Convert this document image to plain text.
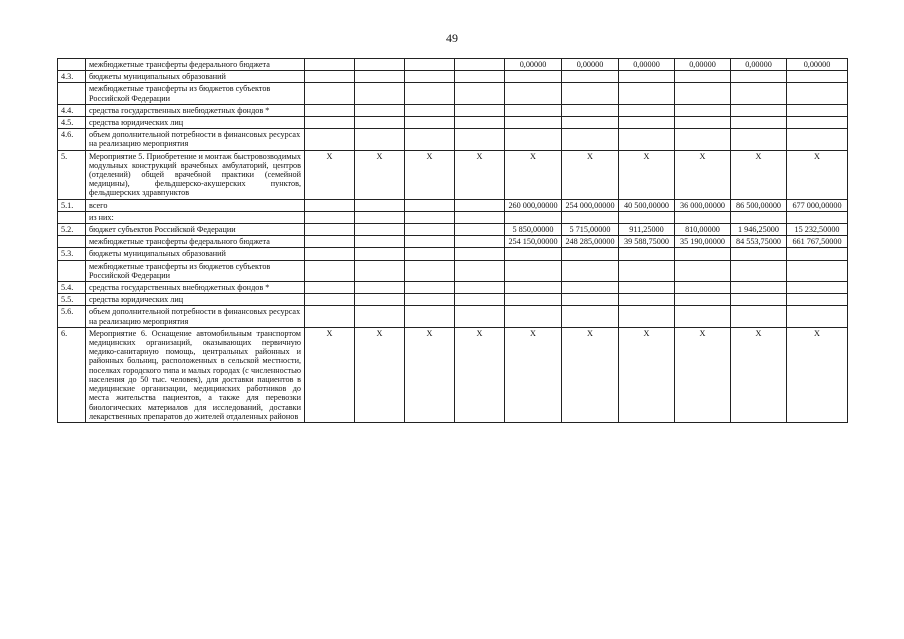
49
	межбюджетные трансферты федерального бюджета					0,00000	0,00000	0,00000	0,00000	0,00000	0,00000
4.3.	бюджеты муниципальных образований										
	межбюджетные трансферты из бюджетов субъектов Российской Федерации										
4.4.	средства государственных внебюджетных фондов *										
4.5.	средства юридических лиц										
4.6.	объем дополнительной потребности в финансовых ресурсах на реализацию мероприятия										
5.	Мероприятие 5. Приобретение и монтаж быстровозводимых модульных конструкций врачебных амбулаторий, центров (отделений) общей врачебной практики (семейной медицины), фельдшерско-акушерских пунктов, фельдшерских здравпунктов	X	X	X	X	X	X	X	X	X	X
5.1.	всего					260 000,00000	254 000,00000	40 500,00000	36 000,00000	86 500,00000	677 000,00000
	из них:										
5.2.	бюджет субъектов Российской Федерации					5 850,00000	5 715,00000	911,25000	810,00000	1 946,25000	15 232,50000
	межбюджетные трансферты федерального бюджета					254 150,00000	248 285,00000	39 588,75000	35 190,00000	84 553,75000	661 767,50000
5.3.	бюджеты муниципальных образований										
	межбюджетные трансферты из бюджетов субъектов Российской Федерации										
5.4.	средства государственных внебюджетных фондов *										
5.5.	средства юридических лиц										
5.6.	объем дополнительной потребности в финансовых ресурсах на реализацию мероприятия										
6.	Мероприятие 6. Оснащение автомобильным транспортом медицинских организаций, оказывающих первичную медико-санитарную помощь, центральных районных и районных больниц, расположенных в сельской местности, поселках городского типа и малых городах (с численностью населения до 50 тыс. человек), для доставки пациентов в медицинские организации, медицинских работников до места жительства пациентов, а также для перевозки биологических материалов для исследований, доставки лекарственных препаратов до жителей отдаленных районов	X	X	X	X	X	X	X	X	X	X
